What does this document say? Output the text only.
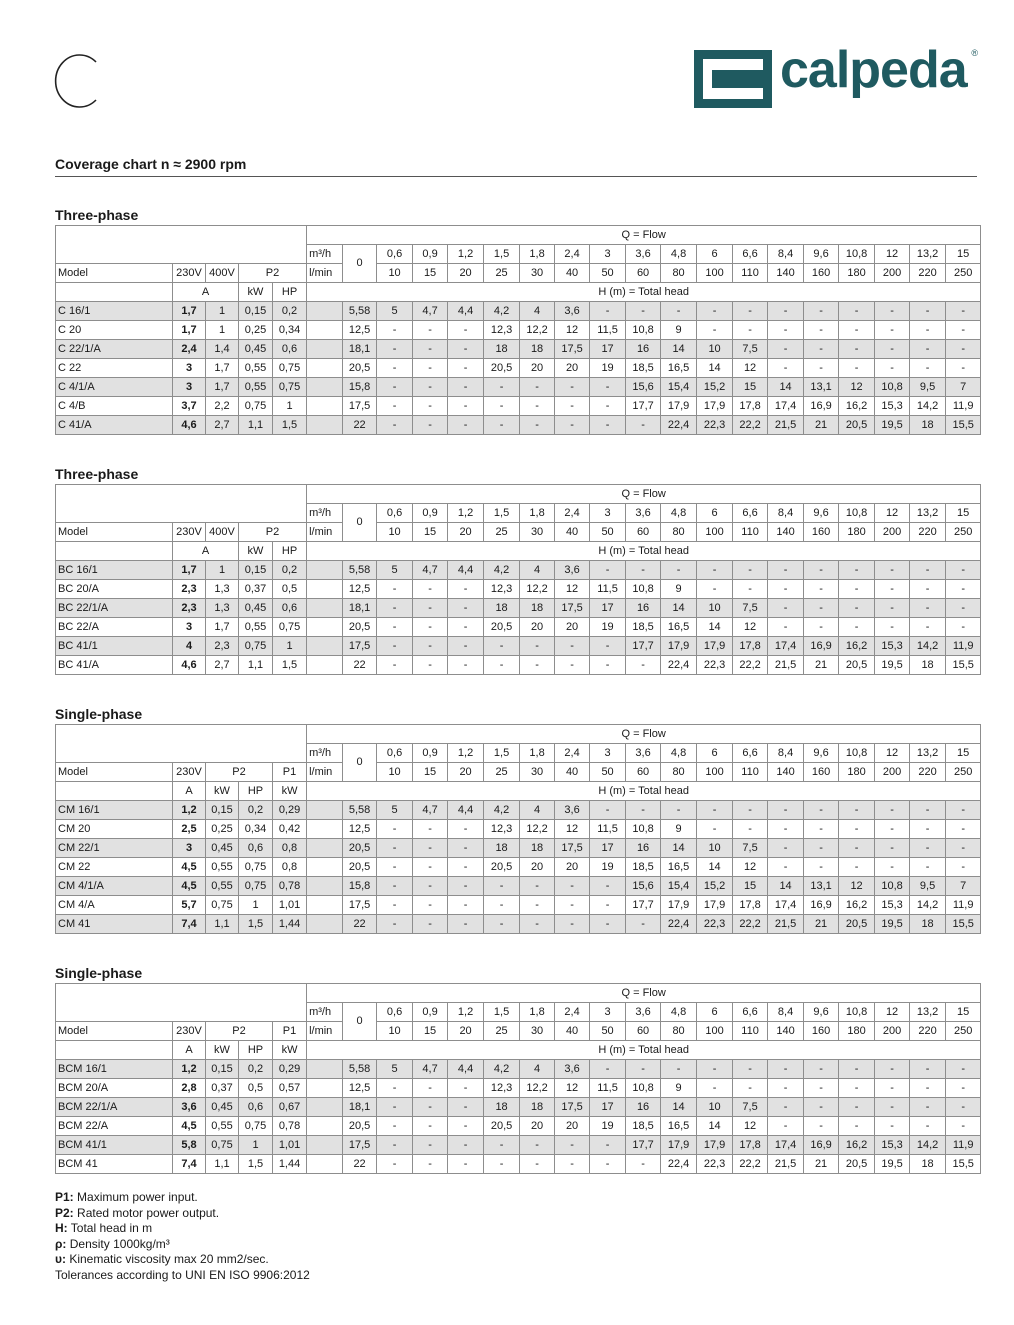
calpeda ®
Coverage chart n ≈ 2900 rpm
Three-phase
					Q = Flow																		
					m³/h	0	0,6	0,9	1,2	1,5	1,8	2,4	3	3,6	4,8	6	6,6	8,4	9,6	10,8	12	13,2	15
Model	230V	400V	P2		l/min		10	15	20	25	30	40	50	60	80	100	110	140	160	180	200	220	250
	A		kW	HP	H (m) = Total head																		
C 16/1	1,7	1	0,15	0,2		5,58	5	4,7	4,4	4,2	4	3,6	-	-	-	-	-	-	-	-	-	-	-
C 20	1,7	1	0,25	0,34		12,5	-	-	-	12,3	12,2	12	11,5	10,8	9	-	-	-	-	-	-	-	-
C 22/1/A	2,4	1,4	0,45	0,6		18,1	-	-	-	18	18	17,5	17	16	14	10	7,5	-	-	-	-	-	-
C 22	3	1,7	0,55	0,75		20,5	-	-	-	20,5	20	20	19	18,5	16,5	14	12	-	-	-	-	-	-
C 4/1/A	3	1,7	0,55	0,75		15,8	-	-	-	-	-	-	-	15,6	15,4	15,2	15	14	13,1	12	10,8	9,5	7
C 4/B	3,7	2,2	0,75	1		17,5	-	-	-	-	-	-	-	17,7	17,9	17,9	17,8	17,4	16,9	16,2	15,3	14,2	11,9
C 41/A	4,6	2,7	1,1	1,5		22	-	-	-	-	-	-	-	-	22,4	22,3	22,2	21,5	21	20,5	19,5	18	15,5
Three-phase
					Q = Flow																		
					m³/h	0	0,6	0,9	1,2	1,5	1,8	2,4	3	3,6	4,8	6	6,6	8,4	9,6	10,8	12	13,2	15
Model	230V	400V	P2		l/min		10	15	20	25	30	40	50	60	80	100	110	140	160	180	200	220	250
	A		kW	HP	H (m) = Total head																		
BC 16/1	1,7	1	0,15	0,2		5,58	5	4,7	4,4	4,2	4	3,6	-	-	-	-	-	-	-	-	-	-	-
BC 20/A	2,3	1,3	0,37	0,5		12,5	-	-	-	12,3	12,2	12	11,5	10,8	9	-	-	-	-	-	-	-	-
BC 22/1/A	2,3	1,3	0,45	0,6		18,1	-	-	-	18	18	17,5	17	16	14	10	7,5	-	-	-	-	-	-
BC 22/A	3	1,7	0,55	0,75		20,5	-	-	-	20,5	20	20	19	18,5	16,5	14	12	-	-	-	-	-	-
BC 41/1	4	2,3	0,75	1		17,5	-	-	-	-	-	-	-	17,7	17,9	17,9	17,8	17,4	16,9	16,2	15,3	14,2	11,9
BC 41/A	4,6	2,7	1,1	1,5		22	-	-	-	-	-	-	-	-	22,4	22,3	22,2	21,5	21	20,5	19,5	18	15,5
Single-phase
					Q = Flow																		
					m³/h	0	0,6	0,9	1,2	1,5	1,8	2,4	3	3,6	4,8	6	6,6	8,4	9,6	10,8	12	13,2	15
Model	230V	P2		P1	l/min		10	15	20	25	30	40	50	60	80	100	110	140	160	180	200	220	250
	A	kW	HP	kW	H (m) = Total head																		
CM 16/1	1,2	0,15	0,2	0,29		5,58	5	4,7	4,4	4,2	4	3,6	-	-	-	-	-	-	-	-	-	-	-
CM 20	2,5	0,25	0,34	0,42		12,5	-	-	-	12,3	12,2	12	11,5	10,8	9	-	-	-	-	-	-	-	-
CM 22/1	3	0,45	0,6	0,8		20,5	-	-	-	18	18	17,5	17	16	14	10	7,5	-	-	-	-	-	-
CM 22	4,5	0,55	0,75	0,8		20,5	-	-	-	20,5	20	20	19	18,5	16,5	14	12	-	-	-	-	-	-
CM 4/1/A	4,5	0,55	0,75	0,78		15,8	-	-	-	-	-	-	-	15,6	15,4	15,2	15	14	13,1	12	10,8	9,5	7
CM 4/A	5,7	0,75	1	1,01		17,5	-	-	-	-	-	-	-	17,7	17,9	17,9	17,8	17,4	16,9	16,2	15,3	14,2	11,9
CM 41	7,4	1,1	1,5	1,44		22	-	-	-	-	-	-	-	-	22,4	22,3	22,2	21,5	21	20,5	19,5	18	15,5
Single-phase
					Q = Flow																		
					m³/h	0	0,6	0,9	1,2	1,5	1,8	2,4	3	3,6	4,8	6	6,6	8,4	9,6	10,8	12	13,2	15
Model	230V	P2		P1	l/min		10	15	20	25	30	40	50	60	80	100	110	140	160	180	200	220	250
	A	kW	HP	kW	H (m) = Total head																		
BCM 16/1	1,2	0,15	0,2	0,29		5,58	5	4,7	4,4	4,2	4	3,6	-	-	-	-	-	-	-	-	-	-	-
BCM 20/A	2,8	0,37	0,5	0,57		12,5	-	-	-	12,3	12,2	12	11,5	10,8	9	-	-	-	-	-	-	-	-
BCM 22/1/A	3,6	0,45	0,6	0,67		18,1	-	-	-	18	18	17,5	17	16	14	10	7,5	-	-	-	-	-	-
BCM 22/A	4,5	0,55	0,75	0,78		20,5	-	-	-	20,5	20	20	19	18,5	16,5	14	12	-	-	-	-	-	-
BCM 41/1	5,8	0,75	1	1,01		17,5	-	-	-	-	-	-	-	17,7	17,9	17,9	17,8	17,4	16,9	16,2	15,3	14,2	11,9
BCM 41	7,4	1,1	1,5	1,44		22	-	-	-	-	-	-	-	-	22,4	22,3	22,2	21,5	21	20,5	19,5	18	15,5
P1: Maximum power input.
P2: Rated motor power output.
H: Total head in m
ρ: Density 1000kg/m³
υ: Kinematic viscosity max 20 mm2/sec.
Tolerances according to UNI EN ISO 9906:2012
